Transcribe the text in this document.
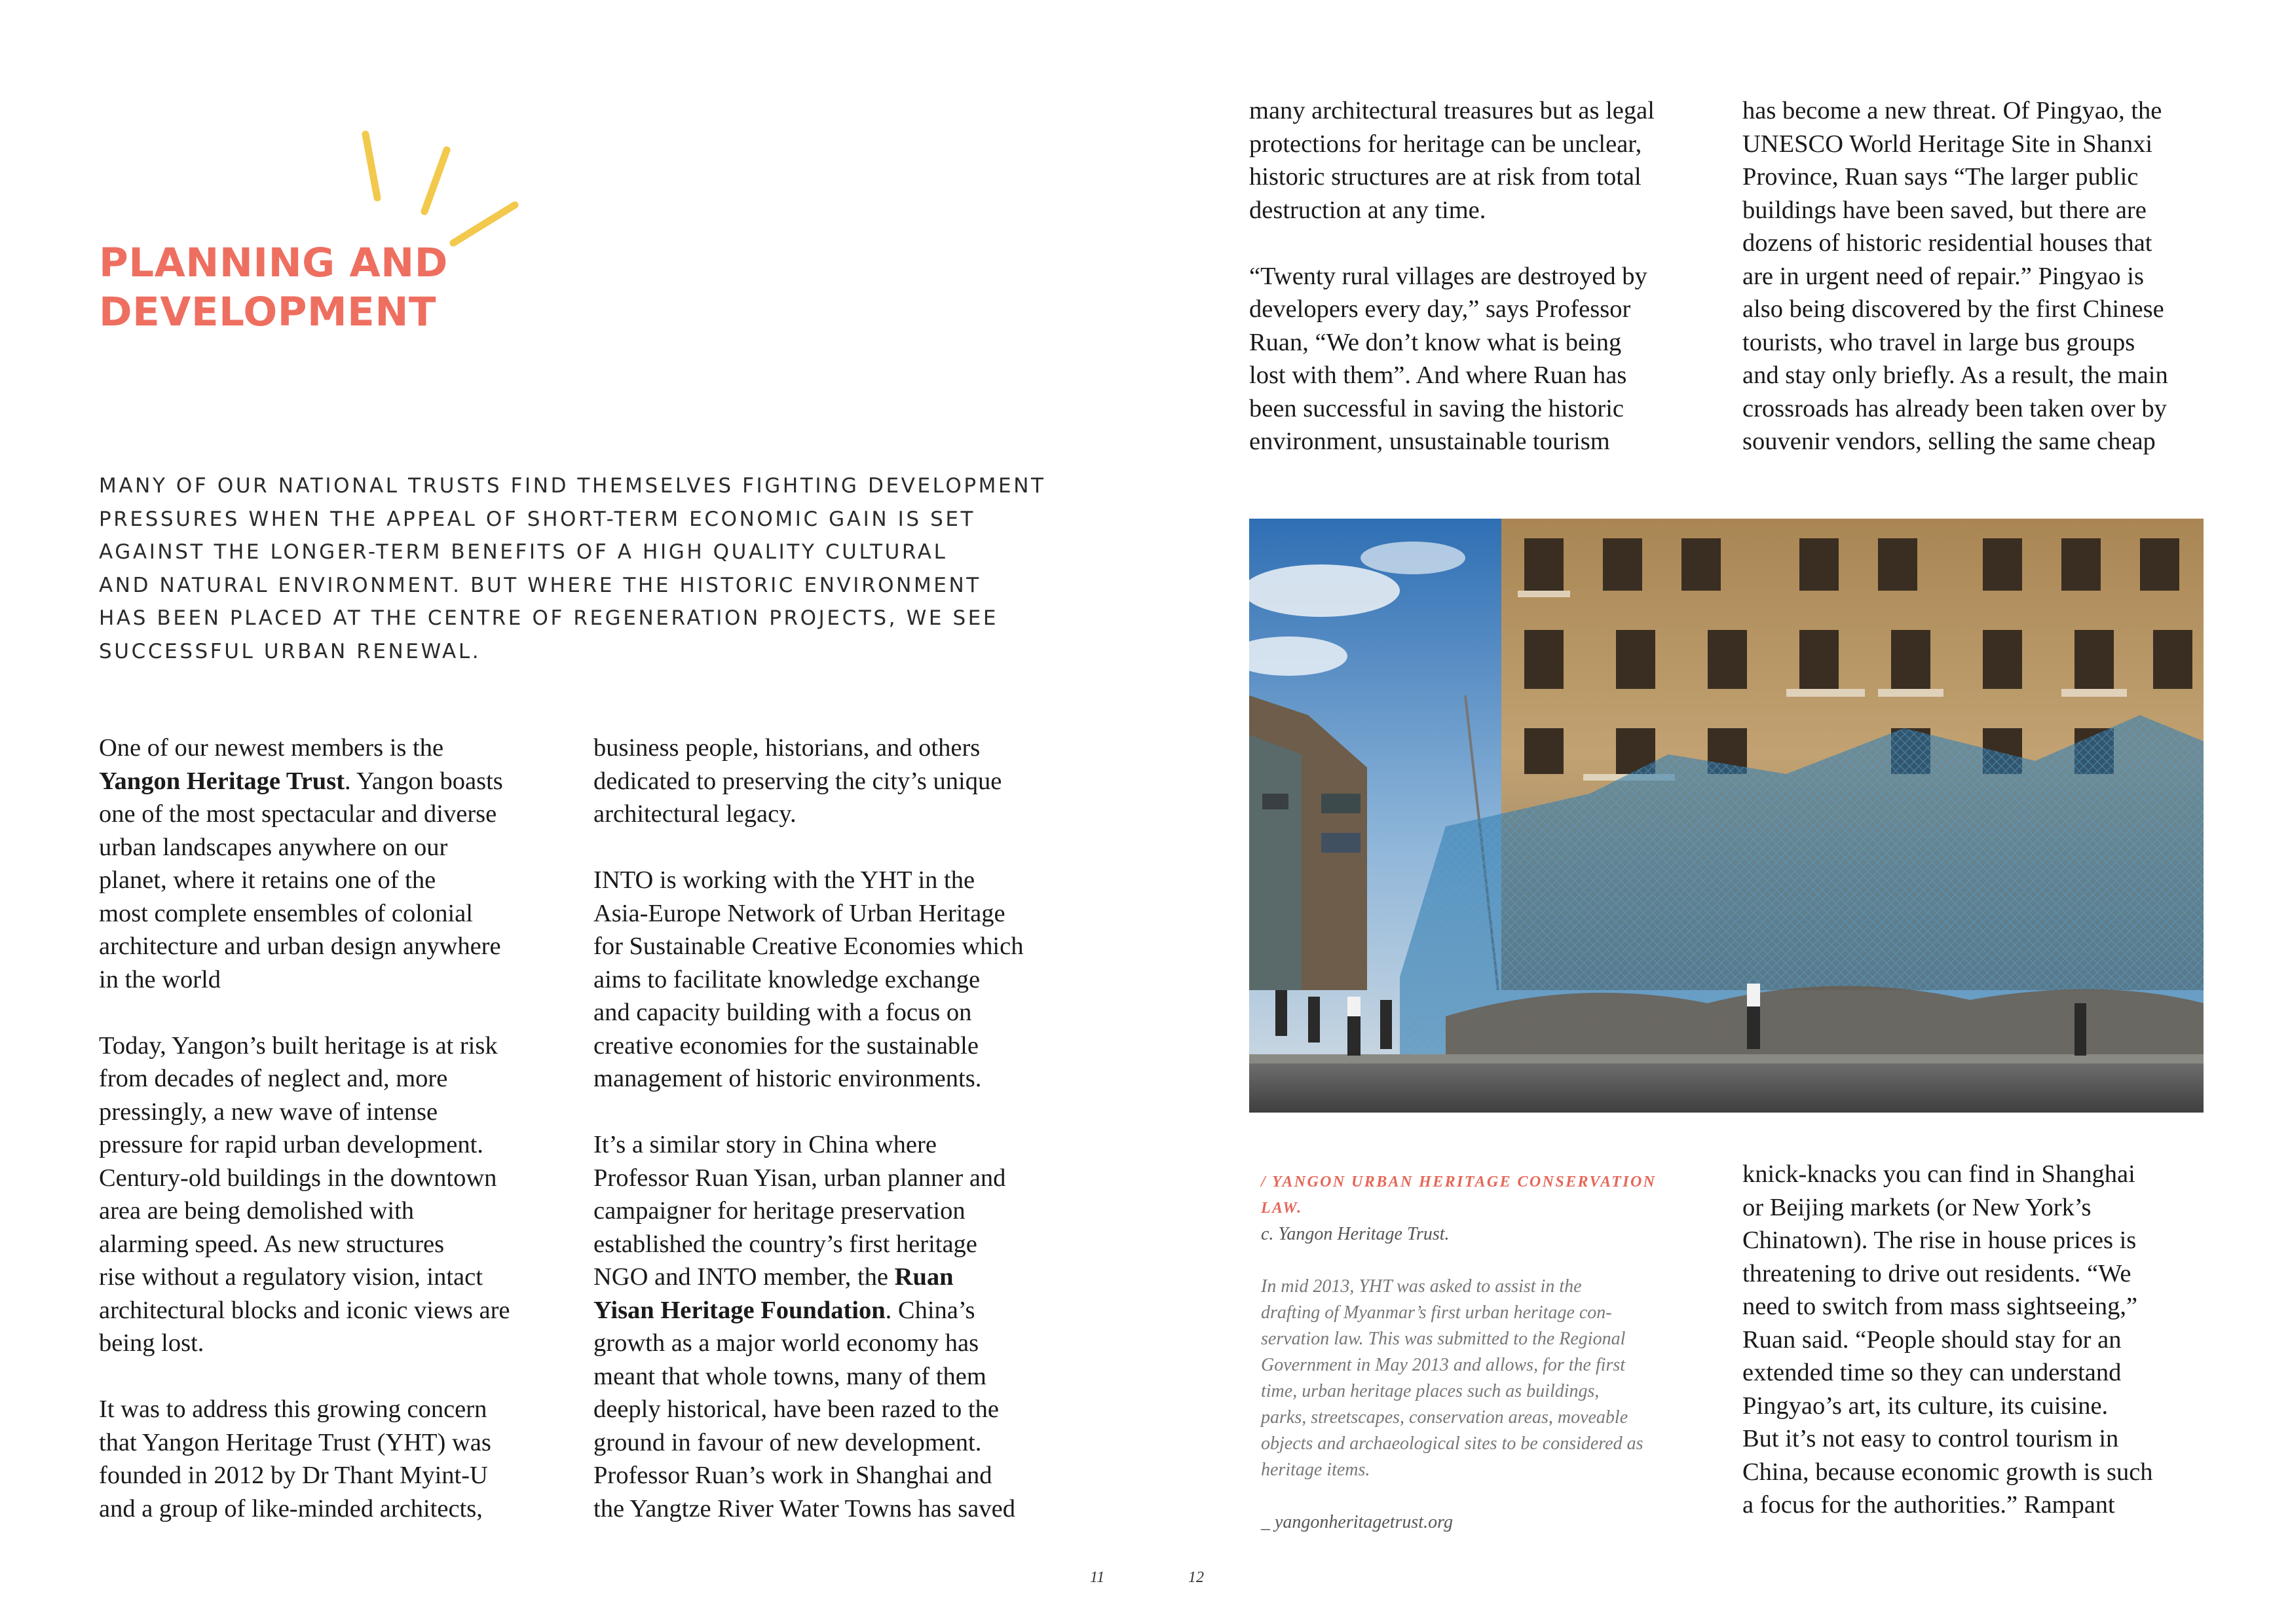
PLANNING AND
DEVELOPMENT
MANY OF OUR NATIONAL TRUSTS FIND THEMSELVES FIGHTING DEVELOPMENT
PRESSURES WHEN THE APPEAL OF SHORT-TERM ECONOMIC GAIN IS SET
AGAINST THE LONGER-TERM BENEFITS OF A HIGH QUALITY CULTURAL
AND NATURAL ENVIRONMENT. BUT WHERE THE HISTORIC ENVIRONMENT
HAS BEEN PLACED AT THE CENTRE OF REGENERATION PROJECTS, WE SEE
SUCCESSFUL URBAN RENEWAL.

One of our newest members is the
Yangon Heritage Trust. Yangon boasts
one of the most spectacular and diverse
urban landscapes anywhere on our
planet, where it retains one of the
most complete ensembles of colonial
architecture and urban design anywhere
in the world

Today, Yangon’s built heritage is at risk
from decades of neglect and, more
pressingly, a new wave of intense
pressure for rapid urban development.
Century-old buildings in the downtown
area are being demolished with
alarming speed. As new structures
rise without a regulatory vision, intact
architectural blocks and iconic views are
being lost.

It was to address this growing concern
that Yangon Heritage Trust (YHT) was
founded in 2012 by Dr Thant Myint-U
and a group of like-minded architects,

business people, historians, and others
dedicated to preserving the city’s unique
architectural legacy.

INTO is working with the YHT in the
Asia-Europe Network of Urban Heritage
for Sustainable Creative Economies which
aims to facilitate knowledge exchange
and capacity building with a focus on
creative economies for the sustainable
management of historic environments.

It’s a similar story in China where
Professor Ruan Yisan, urban planner and
campaigner for heritage preservation
established the country’s first heritage
NGO and INTO member, the Ruan
Yisan Heritage Foundation. China’s
growth as a major world economy has
meant that whole towns, many of them
deeply historical, have been razed to the
ground in favour of new development.
Professor Ruan’s work in Shanghai and
the Yangtze River Water Towns has saved

11

many architectural treasures but as legal
protections for heritage can be unclear,
historic structures are at risk from total
destruction at any time.

“Twenty rural villages are destroyed by
developers every day,” says Professor
Ruan, “We don’t know what is being
lost with them”. And where Ruan has
been successful in saving the historic
environment, unsustainable tourism

has become a new threat. Of Pingyao, the
UNESCO World Heritage Site in Shanxi
Province, Ruan says “The larger public
buildings have been saved, but there are
dozens of historic residential houses that
are in urgent need of repair.” Pingyao is
also being discovered by the first Chinese
tourists, who travel in large bus groups
and stay only briefly. As a result, the main
crossroads has already been taken over by
souvenir vendors, selling the same cheap

/ YANGON URBAN HERITAGE CONSERVATION
LAW.
c. Yangon Heritage Trust.
In mid 2013, YHT was asked to assist in the
drafting of Myanmar’s first urban heritage con-
servation law. This was submitted to the Regional
Government in May 2013 and allows, for the first
time, urban heritage places such as buildings,
parks, streetscapes, conservation areas, moveable
objects and archaeological sites to be considered as
heritage items.
_ yangonheritagetrust.org

knick-knacks you can find in Shanghai
or Beijing markets (or New York’s
Chinatown). The rise in house prices is
threatening to drive out residents. “We
need to switch from mass sightseeing,”
Ruan said. “People should stay for an
extended time so they can understand
Pingyao’s art, its culture, its cuisine.
But it’s not easy to control tourism in
China, because economic growth is such
a focus for the authorities.” Rampant

12
